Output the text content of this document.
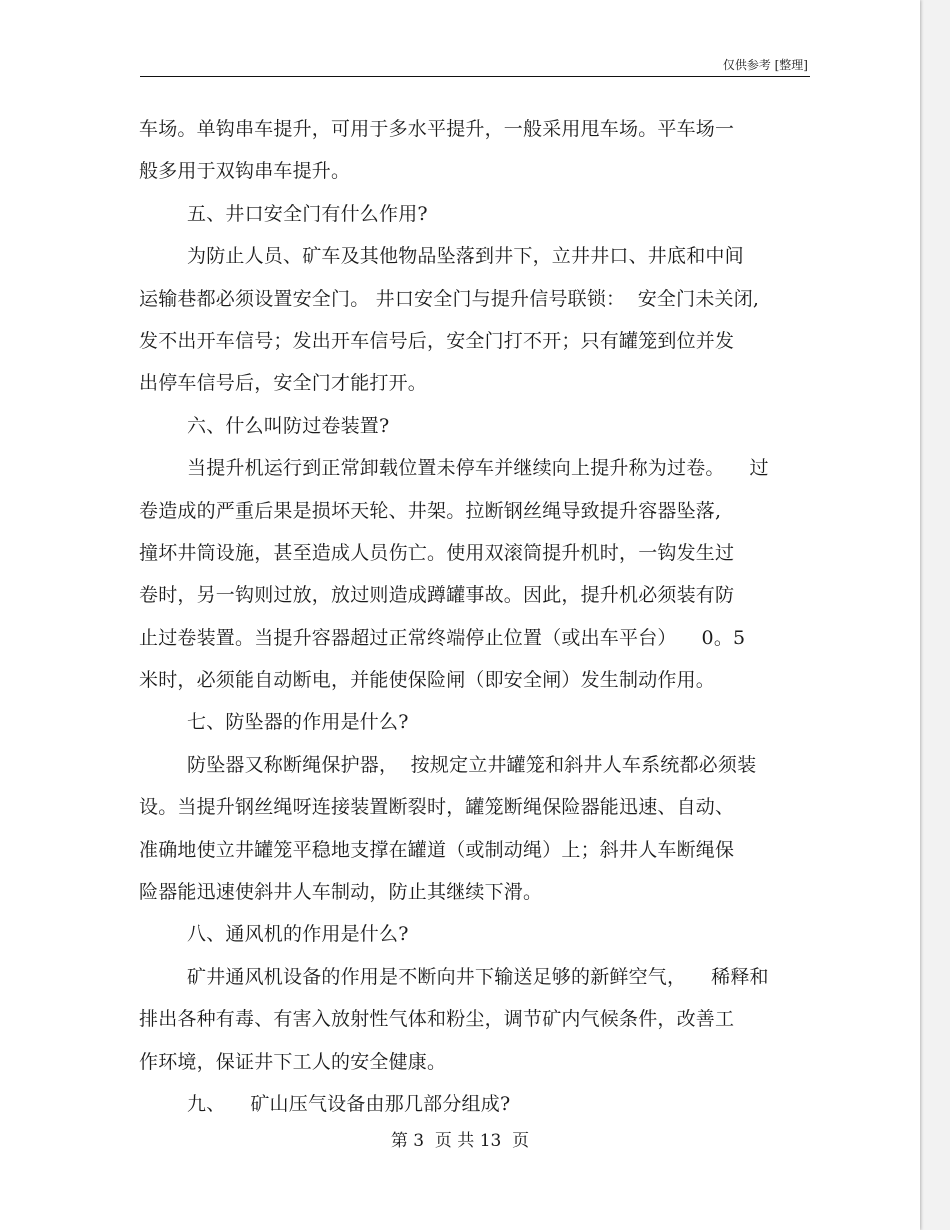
仅供参考 [整理]
车场。单钩串车提升，可用于多水平提升，一般采用甩车场。平车场一
般多用于双钩串车提升。
五、井口安全门有什么作用?
为防止人员、矿车及其他物品坠落到井下，立井井口、井底和中间
运输巷都必须设置安全门。 井口安全门与提升信号联锁：  安全门未关闭,
发不出开车信号；发出开车信号后，安全门打不开；只有罐笼到位并发
出停车信号后，安全门才能打开。
六、什么叫防过卷装置?
当提升机运行到正常卸载位置未停车并继续向上提升称为过卷。    过
卷造成的严重后果是损坏天轮、井架。拉断钢丝绳导致提升容器坠落,
撞坏井筒设施，甚至造成人员伤亡。使用双滚筒提升机时，一钩发生过
卷时，另一钩则过放，放过则造成蹲罐事故。因此，提升机必须装有防
止过卷装置。当提升容器超过正常终端停止位置（或出车平台）    0。5
米时，必须能自动断电，并能使保险闸（即安全闸）发生制动作用。
七、防坠器的作用是什么?
防坠器又称断绳保护器，  按规定立井罐笼和斜井人车系统都必须装
设。当提升钢丝绳呀连接装置断裂时，罐笼断绳保险器能迅速、自动、
准确地使立井罐笼平稳地支撑在罐道（或制动绳）上；斜井人车断绳保
险器能迅速使斜井人车制动，防止其继续下滑。
八、通风机的作用是什么?
矿井通风机设备的作用是不断向井下输送足够的新鲜空气，    稀释和
排出各种有毒、有害入放射性气体和粉尘，调节矿内气候条件，改善工
作环境，保证井下工人的安全健康。
九、    矿山压气设备由那几部分组成?
第 3  页 共 13  页
